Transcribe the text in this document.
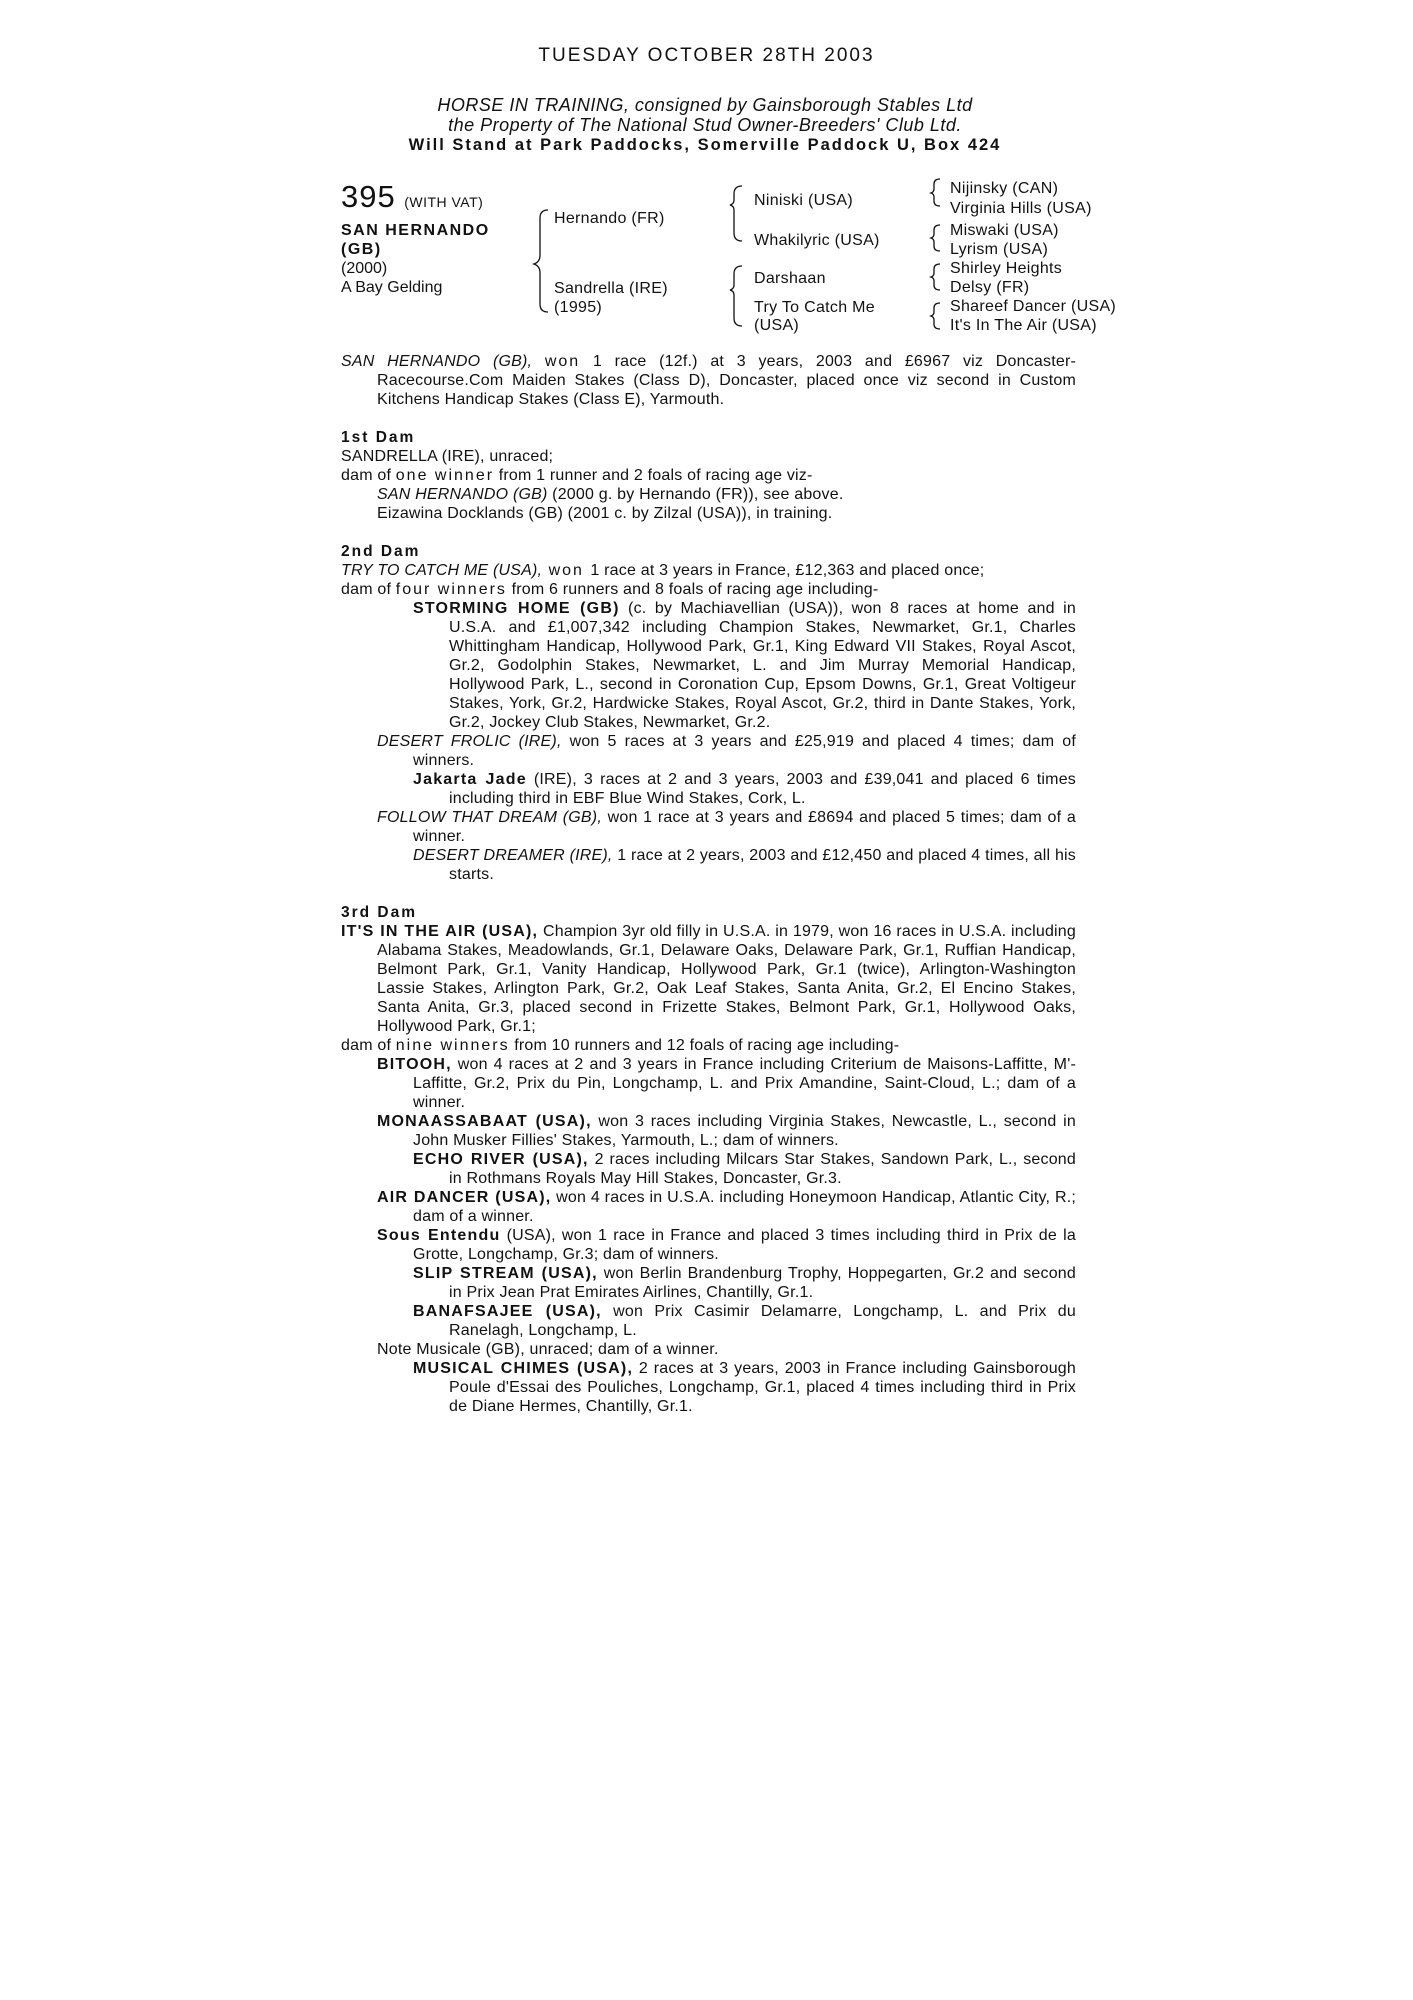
TUESDAY OCTOBER 28TH 2003
HORSE IN TRAINING, consigned by Gainsborough Stables Ltd
the Property of The National Stud Owner-Breeders' Club Ltd.
Will Stand at Park Paddocks, Somerville Paddock U, Box 424
395 (WITH VAT)
SAN HERNANDO
(GB)
(2000)
A Bay Gelding
Hernando (FR)
Sandrella (IRE)
(1995)
Niniski (USA)
Whakilyric (USA)
Darshaan
Try To Catch Me
(USA)
Nijinsky (CAN)
Virginia Hills (USA)
Miswaki (USA)
Lyrism (USA)
Shirley Heights
Delsy (FR)
Shareef Dancer (USA)
It's In The Air (USA)

SAN HERNANDO (GB), won 1 race (12f.) at 3 years, 2003 and £6967 viz Doncaster-Racecourse.Com Maiden Stakes (Class D), Doncaster, placed once viz second in Custom Kitchens Handicap Stakes (Class E), Yarmouth.

1st Dam

SANDRELLA (IRE), unraced;

dam of one winner from 1 runner and 2 foals of racing age viz-

SAN HERNANDO (GB) (2000 g. by Hernando (FR)), see above.

Eizawina Docklands (GB) (2001 c. by Zilzal (USA)), in training.

2nd Dam

TRY TO CATCH ME (USA), won 1 race at 3 years in France, £12,363 and placed once;

dam of four winners from 6 runners and 8 foals of racing age including-

STORMING HOME (GB) (c. by Machiavellian (USA)), won 8 races at home and in U.S.A. and £1,007,342 including Champion Stakes, Newmarket, Gr.1, Charles Whittingham Handicap, Hollywood Park, Gr.1, King Edward VII Stakes, Royal Ascot, Gr.2, Godolphin Stakes, Newmarket, L. and Jim Murray Memorial Handicap, Hollywood Park, L., second in Coronation Cup, Epsom Downs, Gr.1, Great Voltigeur Stakes, York, Gr.2, Hardwicke Stakes, Royal Ascot, Gr.2, third in Dante Stakes, York, Gr.2, Jockey Club Stakes, Newmarket, Gr.2.

DESERT FROLIC (IRE), won 5 races at 3 years and £25,919 and placed 4 times; dam of winners.

Jakarta Jade (IRE), 3 races at 2 and 3 years, 2003 and £39,041 and placed 6 times including third in EBF Blue Wind Stakes, Cork, L.

FOLLOW THAT DREAM (GB), won 1 race at 3 years and £8694 and placed 5 times; dam of a winner.

DESERT DREAMER (IRE), 1 race at 2 years, 2003 and £12,450 and placed 4 times, all his starts.

3rd Dam

IT'S IN THE AIR (USA), Champion 3yr old filly in U.S.A. in 1979, won 16 races in U.S.A. including Alabama Stakes, Meadowlands, Gr.1, Delaware Oaks, Delaware Park, Gr.1, Ruffian Handicap, Belmont Park, Gr.1, Vanity Handicap, Hollywood Park, Gr.1 (twice), Arlington-Washington Lassie Stakes, Arlington Park, Gr.2, Oak Leaf Stakes, Santa Anita, Gr.2, El Encino Stakes, Santa Anita, Gr.3, placed second in Frizette Stakes, Belmont Park, Gr.1, Hollywood Oaks, Hollywood Park, Gr.1;

dam of nine winners from 10 runners and 12 foals of racing age including-

BITOOH, won 4 races at 2 and 3 years in France including Criterium de Maisons-Laffitte, M'-Laffitte, Gr.2, Prix du Pin, Longchamp, L. and Prix Amandine, Saint-Cloud, L.; dam of a winner.

MONAASSABAAT (USA), won 3 races including Virginia Stakes, Newcastle, L., second in John Musker Fillies' Stakes, Yarmouth, L.; dam of winners.

ECHO RIVER (USA), 2 races including Milcars Star Stakes, Sandown Park, L., second in Rothmans Royals May Hill Stakes, Doncaster, Gr.3.

AIR DANCER (USA), won 4 races in U.S.A. including Honeymoon Handicap, Atlantic City, R.; dam of a winner.

Sous Entendu (USA), won 1 race in France and placed 3 times including third in Prix de la Grotte, Longchamp, Gr.3; dam of winners.

SLIP STREAM (USA), won Berlin Brandenburg Trophy, Hoppegarten, Gr.2 and second in Prix Jean Prat Emirates Airlines, Chantilly, Gr.1.

BANAFSAJEE (USA), won Prix Casimir Delamarre, Longchamp, L. and Prix du Ranelagh, Longchamp, L.

Note Musicale (GB), unraced; dam of a winner.

MUSICAL CHIMES (USA), 2 races at 3 years, 2003 in France including Gainsborough Poule d'Essai des Pouliches, Longchamp, Gr.1, placed 4 times including third in Prix de Diane Hermes, Chantilly, Gr.1.
